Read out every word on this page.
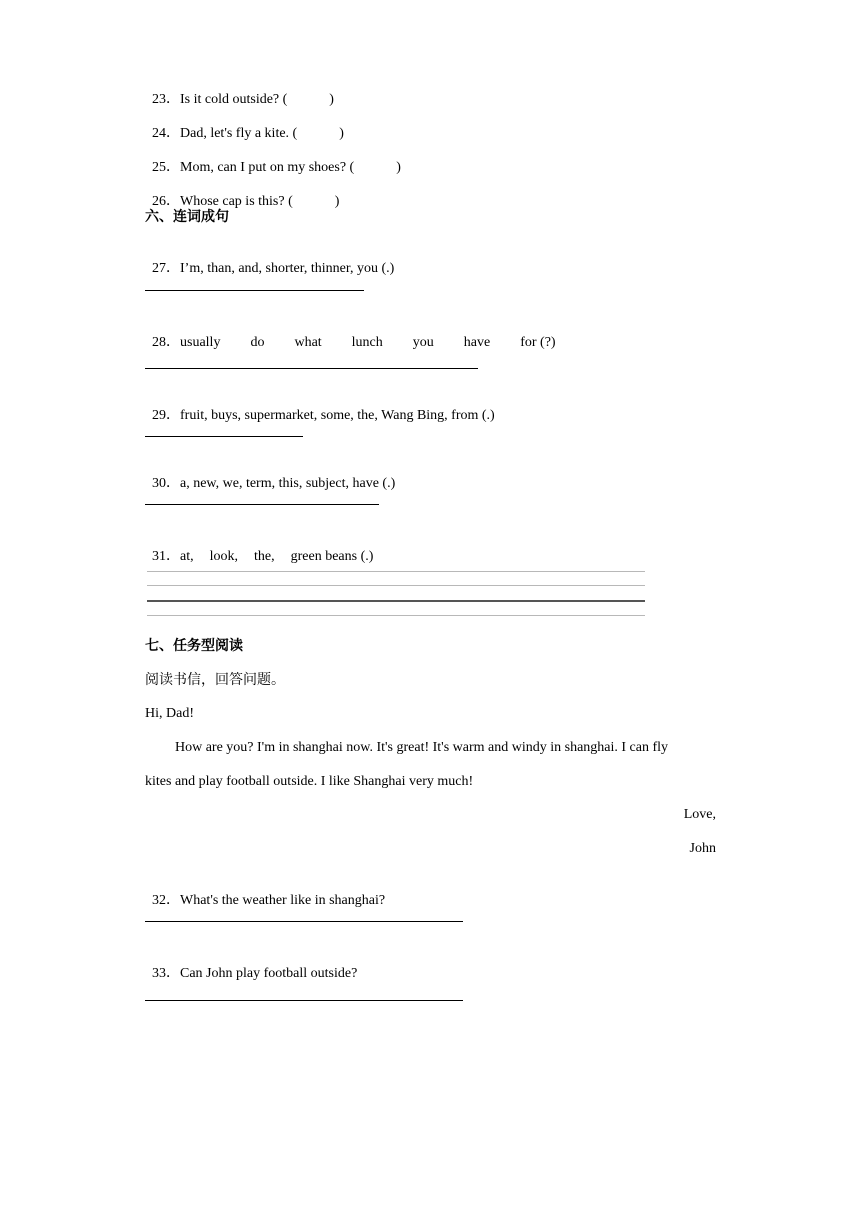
23．Is it cold outside? (            )

24．Dad, let's fly a kite. (            )

25．Mom, can I put on my shoes? (            )

26．Whose cap is this? (            )

六、连词成句

27．I’m, than, and, shorter, thinner, you (.)

28．usually do what lunch you have for (?)

29．fruit, buys, supermarket, some, the, Wang Bing, from (.)

30．a, new, we, term, this, subject, have (.)

31．at, look, the, green beans (.)

七、任务型阅读
阅读书信，回答问题。
Hi, Dad!
How are you? I'm in shanghai now. It's great! It's warm and windy in shanghai. I can fly
kites and play football outside. I like Shanghai very much!
Love,
John

32．What's the weather like in shanghai?

33．Can John play football outside?
